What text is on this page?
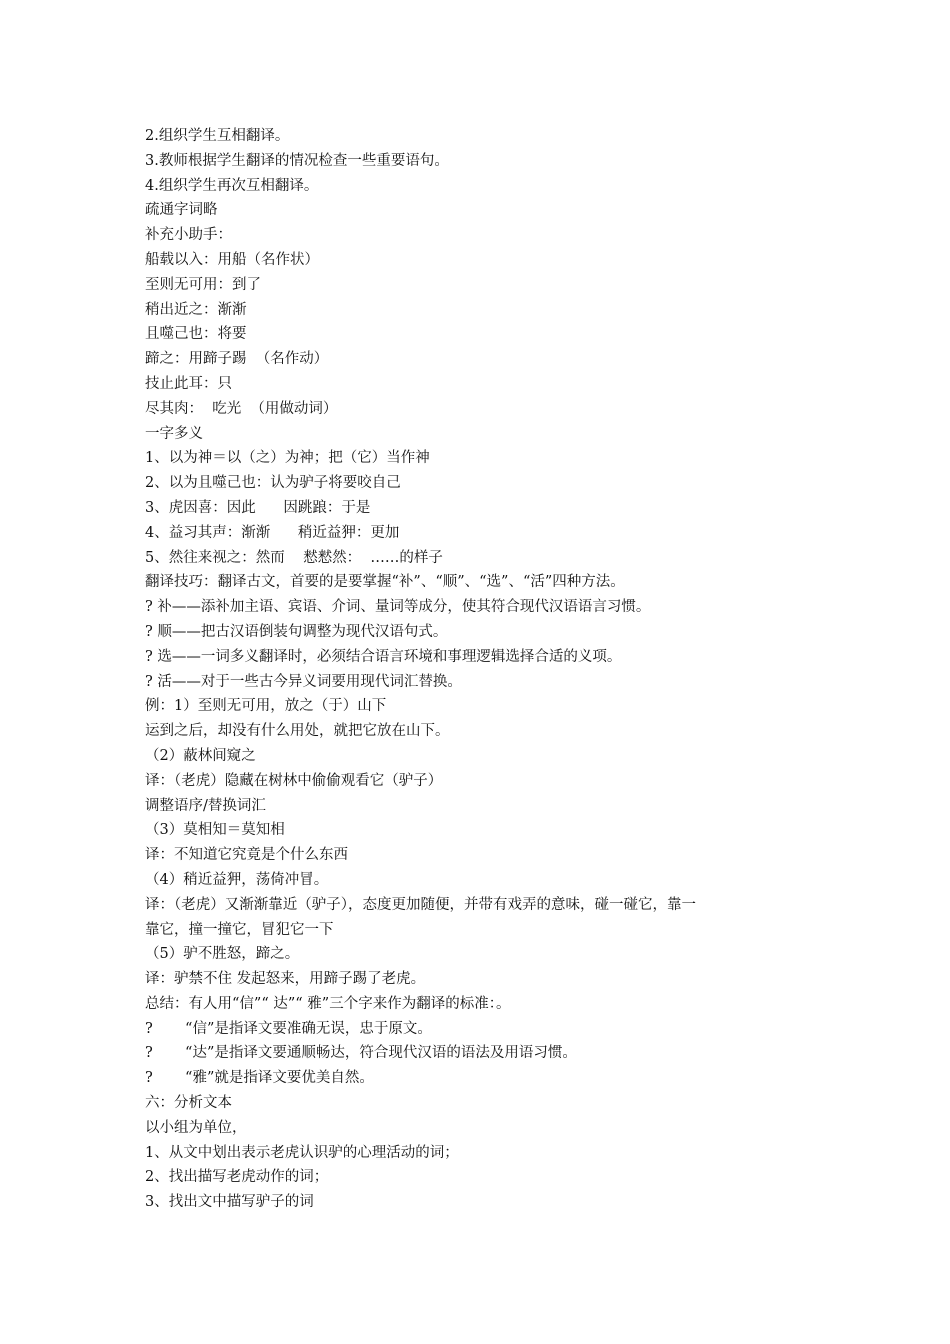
2.组织学生互相翻译。
3.教师根据学生翻译的情况检查一些重要语句。
4.组织学生再次互相翻译。
疏通字词略
补充小助手：
船载以入：用船（名作状）
至则无可用：到了
稍出近之：渐渐
且噬己也：将要
蹄之：用蹄子踢  （名作动）
技止此耳：只
尽其肉：  吃光  （用做动词）
一字多义
1、以为神＝以（之）为神；把（它）当作神
2、以为且噬己也：认为驴子将要咬自己
3、虎因喜：因此      因跳踉：于是
4、益习其声：渐渐      稍近益狎：更加
5、然往来视之：然而    慭慭然：  ……的样子
翻译技巧：翻译古文，首要的是要掌握“补”、“顺”、“选”、“活”四种方法。
? 补——添补加主语、宾语、介词、量词等成分，使其符合现代汉语语言习惯。
? 顺——把古汉语倒装句调整为现代汉语句式。
? 选——一词多义翻译时，必须结合语言环境和事理逻辑选择合适的义项。
? 活——对于一些古今异义词要用现代词汇替换。
例：1）至则无可用，放之（于）山下
运到之后，却没有什么用处，就把它放在山下。
（2）蔽林间窥之
译：（老虎）隐藏在树林中偷偷观看它（驴子）
调整语序/替换词汇
（3）莫相知＝莫知相
译：不知道它究竟是个什么东西
（4）稍近益狎，荡倚冲冒。
译：（老虎）又渐渐靠近（驴子），态度更加随便，并带有戏弄的意味，碰一碰它，靠一
靠它，撞一撞它，冒犯它一下
（5）驴不胜怒，蹄之。
译：驴禁不住 发起怒来，用蹄子踢了老虎。
总结：有人用“信”“ 达”“ 雅”三个字来作为翻译的标准：。
?       “信”是指译文要准确无误，忠于原文。
?       “达”是指译文要通顺畅达，符合现代汉语的语法及用语习惯。
?       “雅”就是指译文要优美自然。
六：分析文本
以小组为单位，
1、从文中划出表示老虎认识驴的心理活动的词；
2、找出描写老虎动作的词；
3、找出文中描写驴子的词
